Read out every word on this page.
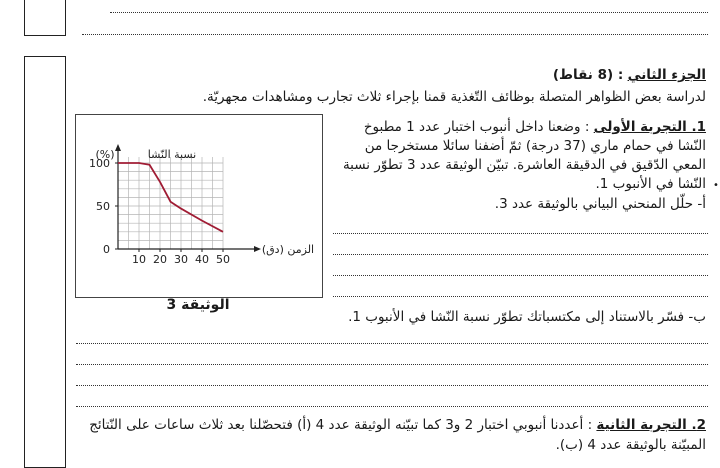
الجزء الثاني : (8 نقاط)
لدراسة بعض الظواهر المتصلة بوظائف التّغذية قمنا بإجراء ثلاث تجارب ومشاهدات مجهريّة.
1. التجربة الأولى : وضعنا داخل أنبوب اختبار عدد 1 مطبوخ
النّشا في حمام ماري (37 درجة) ثمّ أضفنا سائلا مستخرجا من
المعي الدّقيق في الدقيقة العاشرة. تبيّن الوثيقة عدد 3 تطوّر نسبة
النّشا في الأنبوب 1.
أ- حلّل المنحني البياني بالوثيقة عدد 3.
•
10 20 30 40 50
0
50
100
(%)	نسبة النّشا
الزمن (دق)
الوثيقة 3
ب- فسّر بالاستناد إلى مكتسباتك تطوّر نسبة النّشا في الأنبوب 1.
2. التجربة الثانية : أعددنا أنبوبي اختبار 2 و3 كما تبيّنه الوثيقة عدد 4 (أ) فتحصّلنا بعد ثلاث ساعات على النّتائج
المبيّنة بالوثيقة عدد 4 (ب).
